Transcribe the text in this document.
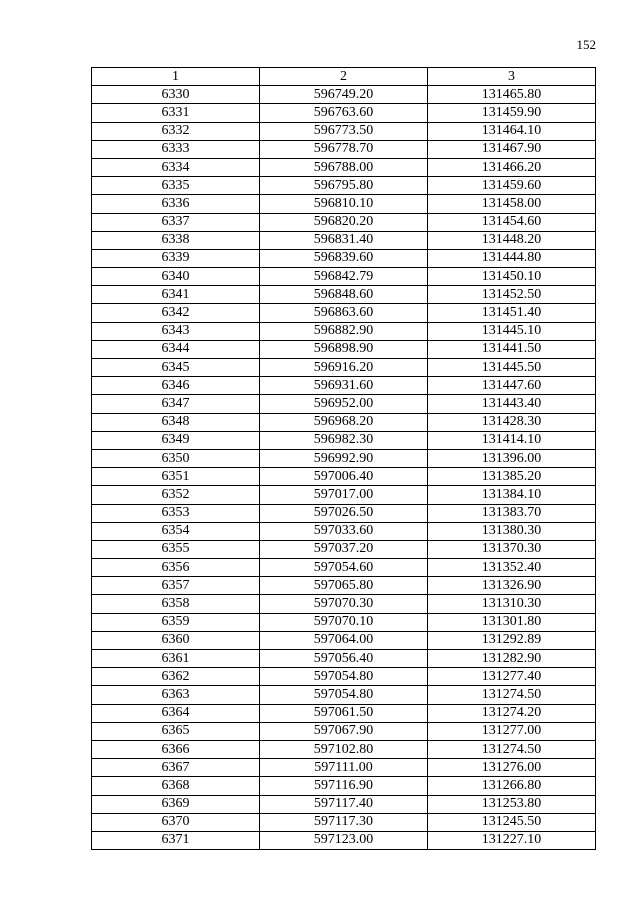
152
1	2	3
6330	596749.20	131465.80
6331	596763.60	131459.90
6332	596773.50	131464.10
6333	596778.70	131467.90
6334	596788.00	131466.20
6335	596795.80	131459.60
6336	596810.10	131458.00
6337	596820.20	131454.60
6338	596831.40	131448.20
6339	596839.60	131444.80
6340	596842.79	131450.10
6341	596848.60	131452.50
6342	596863.60	131451.40
6343	596882.90	131445.10
6344	596898.90	131441.50
6345	596916.20	131445.50
6346	596931.60	131447.60
6347	596952.00	131443.40
6348	596968.20	131428.30
6349	596982.30	131414.10
6350	596992.90	131396.00
6351	597006.40	131385.20
6352	597017.00	131384.10
6353	597026.50	131383.70
6354	597033.60	131380.30
6355	597037.20	131370.30
6356	597054.60	131352.40
6357	597065.80	131326.90
6358	597070.30	131310.30
6359	597070.10	131301.80
6360	597064.00	131292.89
6361	597056.40	131282.90
6362	597054.80	131277.40
6363	597054.80	131274.50
6364	597061.50	131274.20
6365	597067.90	131277.00
6366	597102.80	131274.50
6367	597111.00	131276.00
6368	597116.90	131266.80
6369	597117.40	131253.80
6370	597117.30	131245.50
6371	597123.00	131227.10
